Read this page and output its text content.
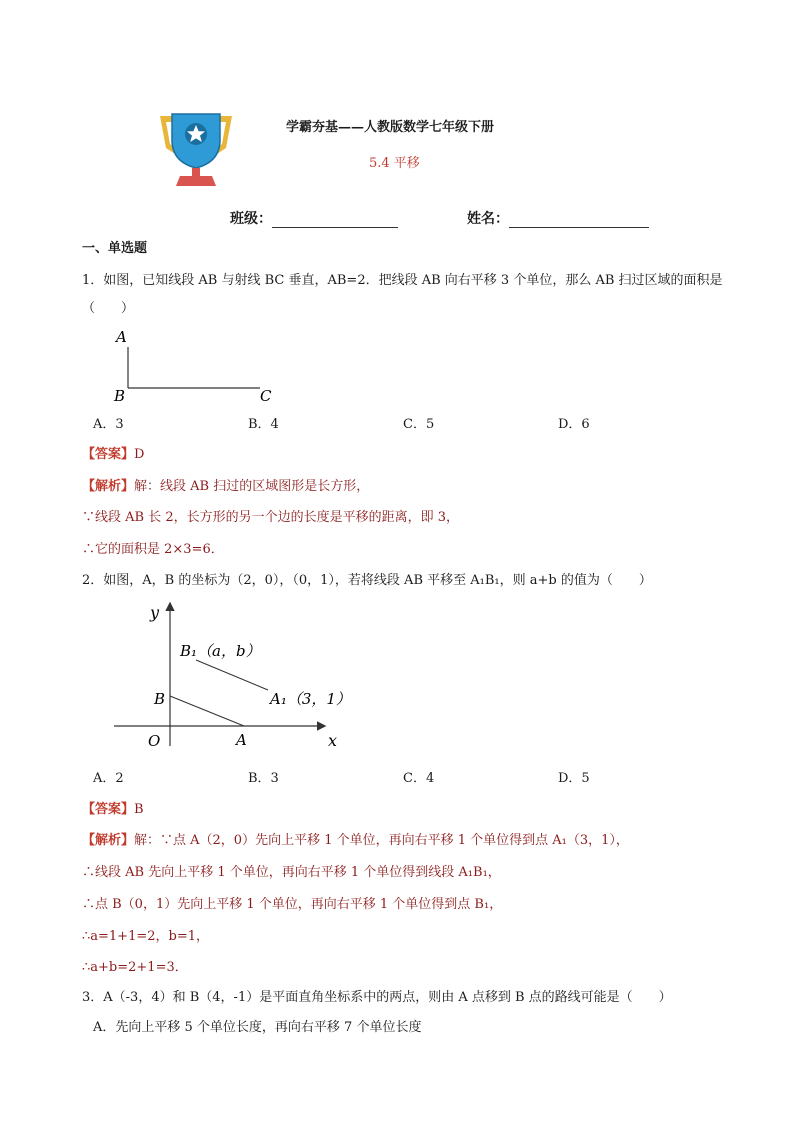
学霸夯基——人教版数学七年级下册
5.4 平移
班级：	姓名：
一、单选题
1．如图，已知线段 AB 与射线 BC 垂直，AB=2．把线段 AB 向右平移 3 个单位，那么 AB 扫过区域的面积是
（　　）
A
B	C
A．3	B．4	C．5	D．6
【答案】D
【解析】解：线段 AB 扫过的区域图形是长方形，
∵线段 AB 长 2，长方形的另一个边的长度是平移的距离，即 3，
∴它的面积是 2×3=6．
2．如图，A，B 的坐标为（2，0），（0，1），若将线段 AB 平移至 A₁B₁，则 a+b 的值为（　　）
y
x
O	A
B
B₁（a，b）
A₁（3，1）
A．2	B．3	C．4	D．5
【答案】B
【解析】解：∵点 A（2，0）先向上平移 1 个单位，再向右平移 1 个单位得到点 A₁（3，1），
∴线段 AB 先向上平移 1 个单位，再向右平移 1 个单位得到线段 A₁B₁，
∴点 B（0，1）先向上平移 1 个单位，再向右平移 1 个单位得到点 B₁，
∴a=1+1=2，b=1，
∴a+b=2+1=3．
3．A（-3，4）和 B（4，-1）是平面直角坐标系中的两点，则由 A 点移到 B 点的路线可能是（　　）
A．先向上平移 5 个单位长度，再向右平移 7 个单位长度
